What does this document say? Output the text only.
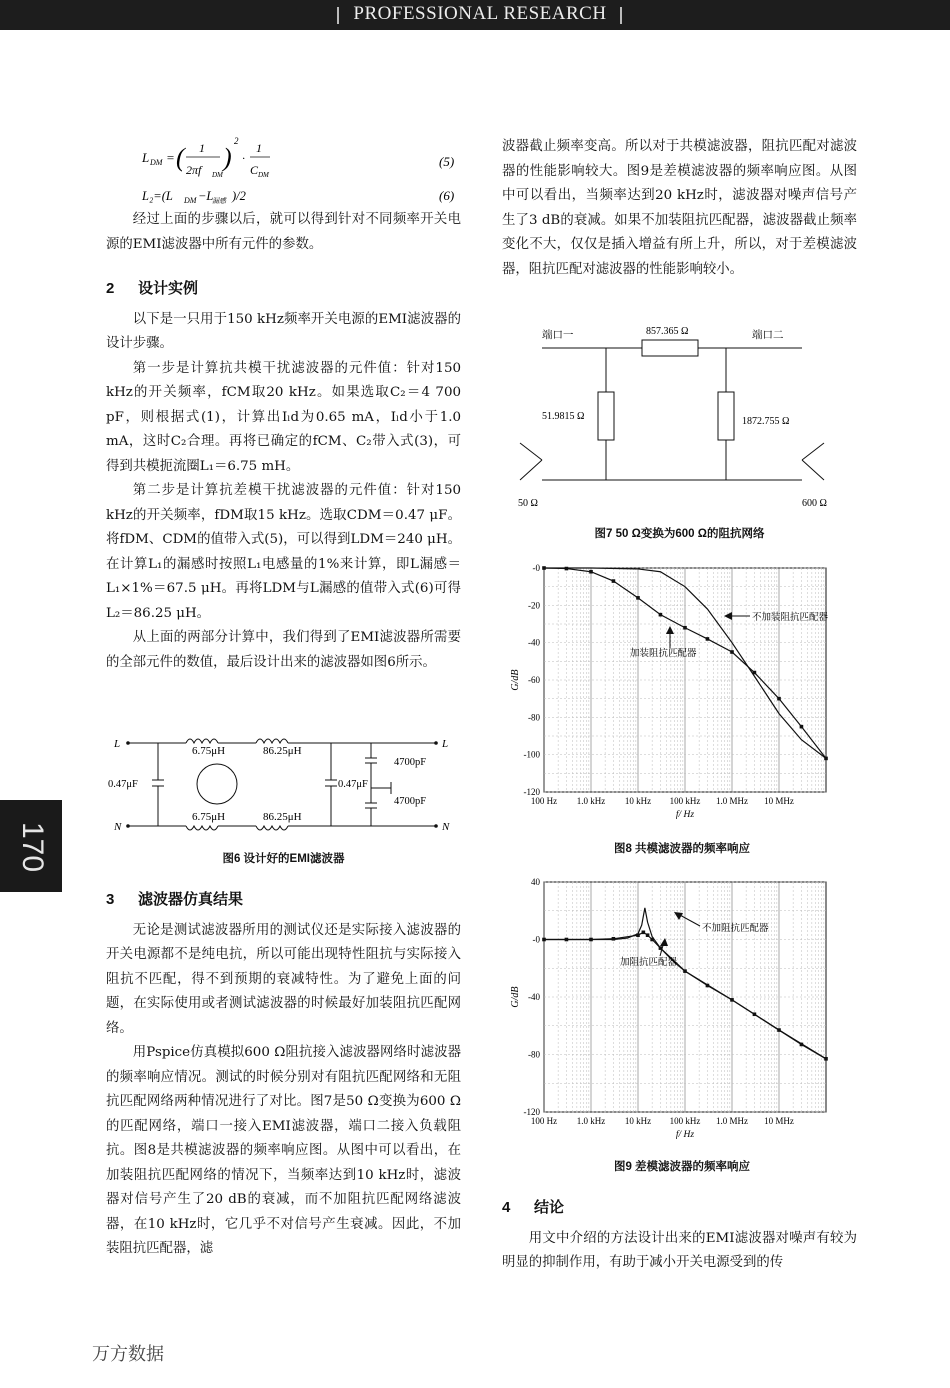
PROFESSIONAL RESEARCH
170
L DM = ( 1
2πf DM
)
2
·
1
C DM
(5)
L₂=(L DM −L
漏感 )/2	(6)

经过上面的步骤以后，就可以得到针对不同频率开关电源的EMI滤波器中所有元件的参数。

2 设计实例

以下是一只用于150 kHz频率开关电源的EMI滤波器的设计步骤。

第一步是计算抗共模干扰滤波器的元件值：针对150 kHz的开关频率，fCM取20 kHz。如果选取C₂＝4 700 pF，则根据式(1)，计算出Iₗd为0.65 mA，Iₗd小于1.0 mA，这时C₂合理。再将已确定的fCM、C₂带入式(3)，可得到共模扼流圈L₁＝6.75 mH。

第二步是计算抗差模干扰滤波器的元件值：针对150 kHz的开关频率，fDM取15 kHz。选取CDM＝0.47 μF。将fDM、CDM的值带入式(5)，可以得到LDM＝240 μH。在计算L₁的漏感时按照L₁电感量的1%来计算，即L漏感＝L₁×1%＝67.5 μH。再将LDM与L漏感的值带入式(6)可得L₂＝86.25 μH。

从上面的两部分计算中，我们得到了EMI滤波器所需要的全部元件的数值，最后设计出来的滤波器如图6所示。

L	L
N	N
6.75μH	86.25μH
6.75μH	86.25μH
0.47μF	0.47μF
4700pF
4700pF
图6 设计好的EMI滤波器
3 滤波器仿真结果

无论是测试滤波器所用的测试仪还是实际接入滤波器的开关电源都不是纯电抗，所以可能出现特性阻抗与实际接入阻抗不匹配，得不到预期的衰减特性。为了避免上面的问题，在实际使用或者测试滤波器的时候最好加装阻抗匹配网络。

用Pspice仿真模拟600 Ω阻抗接入滤波器网络时滤波器的频率响应情况。测试的时候分别对有阻抗匹配网络和无阻抗匹配网络两种情况进行了对比。图7是50 Ω变换为600 Ω的匹配网络，端口一接入EMI滤波器，端口二接入负载阻抗。图8是共模滤波器的频率响应图。从图中可以看出，在加装阻抗匹配网络的情况下，当频率达到10 kHz时，滤波器对信号产生了20 dB的衰减，而不加阻抗匹配网络滤波器，在10 kHz时，它几乎不对信号产生衰减。因此，不加装阻抗匹配器，滤

波器截止频率变高。所以对于共模滤波器，阻抗匹配对滤波器的性能影响较大。图9是差模滤波器的频率响应图。从图中可以看出，当频率达到20 kHz时，滤波器对噪声信号产生了3 dB的衰减。如果不加装阻抗匹配器，滤波器截止频率变化不大，仅仅是插入增益有所上升，所以，对于差模滤波器，阻抗匹配对滤波器的性能影响较小。

端口一	端口二
857.365 Ω
51.9815 Ω	1872.755 Ω
50 Ω	600 Ω
图7 50 Ω变换为600 Ω的阻抗网络
-0
-20
-40
-60
-80
-100
-120
100 Hz 1.0 kHz 10 kHz 100 kHz 1.0 MHz 10 MHz
f/ Hz
G/dB
不加装阻抗匹配器
加装阻抗匹配器
图8 共模滤波器的频率响应
40
-0
-40
-80
-120
100 Hz 1.0 kHz 10 kHz 100 kHz 1.0 MHz 10 MHz
f/ Hz
G/dB
不加阻抗匹配器
加阻抗匹配器
图9 差模滤波器的频率响应
4 结论

用文中介绍的方法设计出来的EMI滤波器对噪声有较为明显的抑制作用，有助于减小开关电源受到的传

万方数据
